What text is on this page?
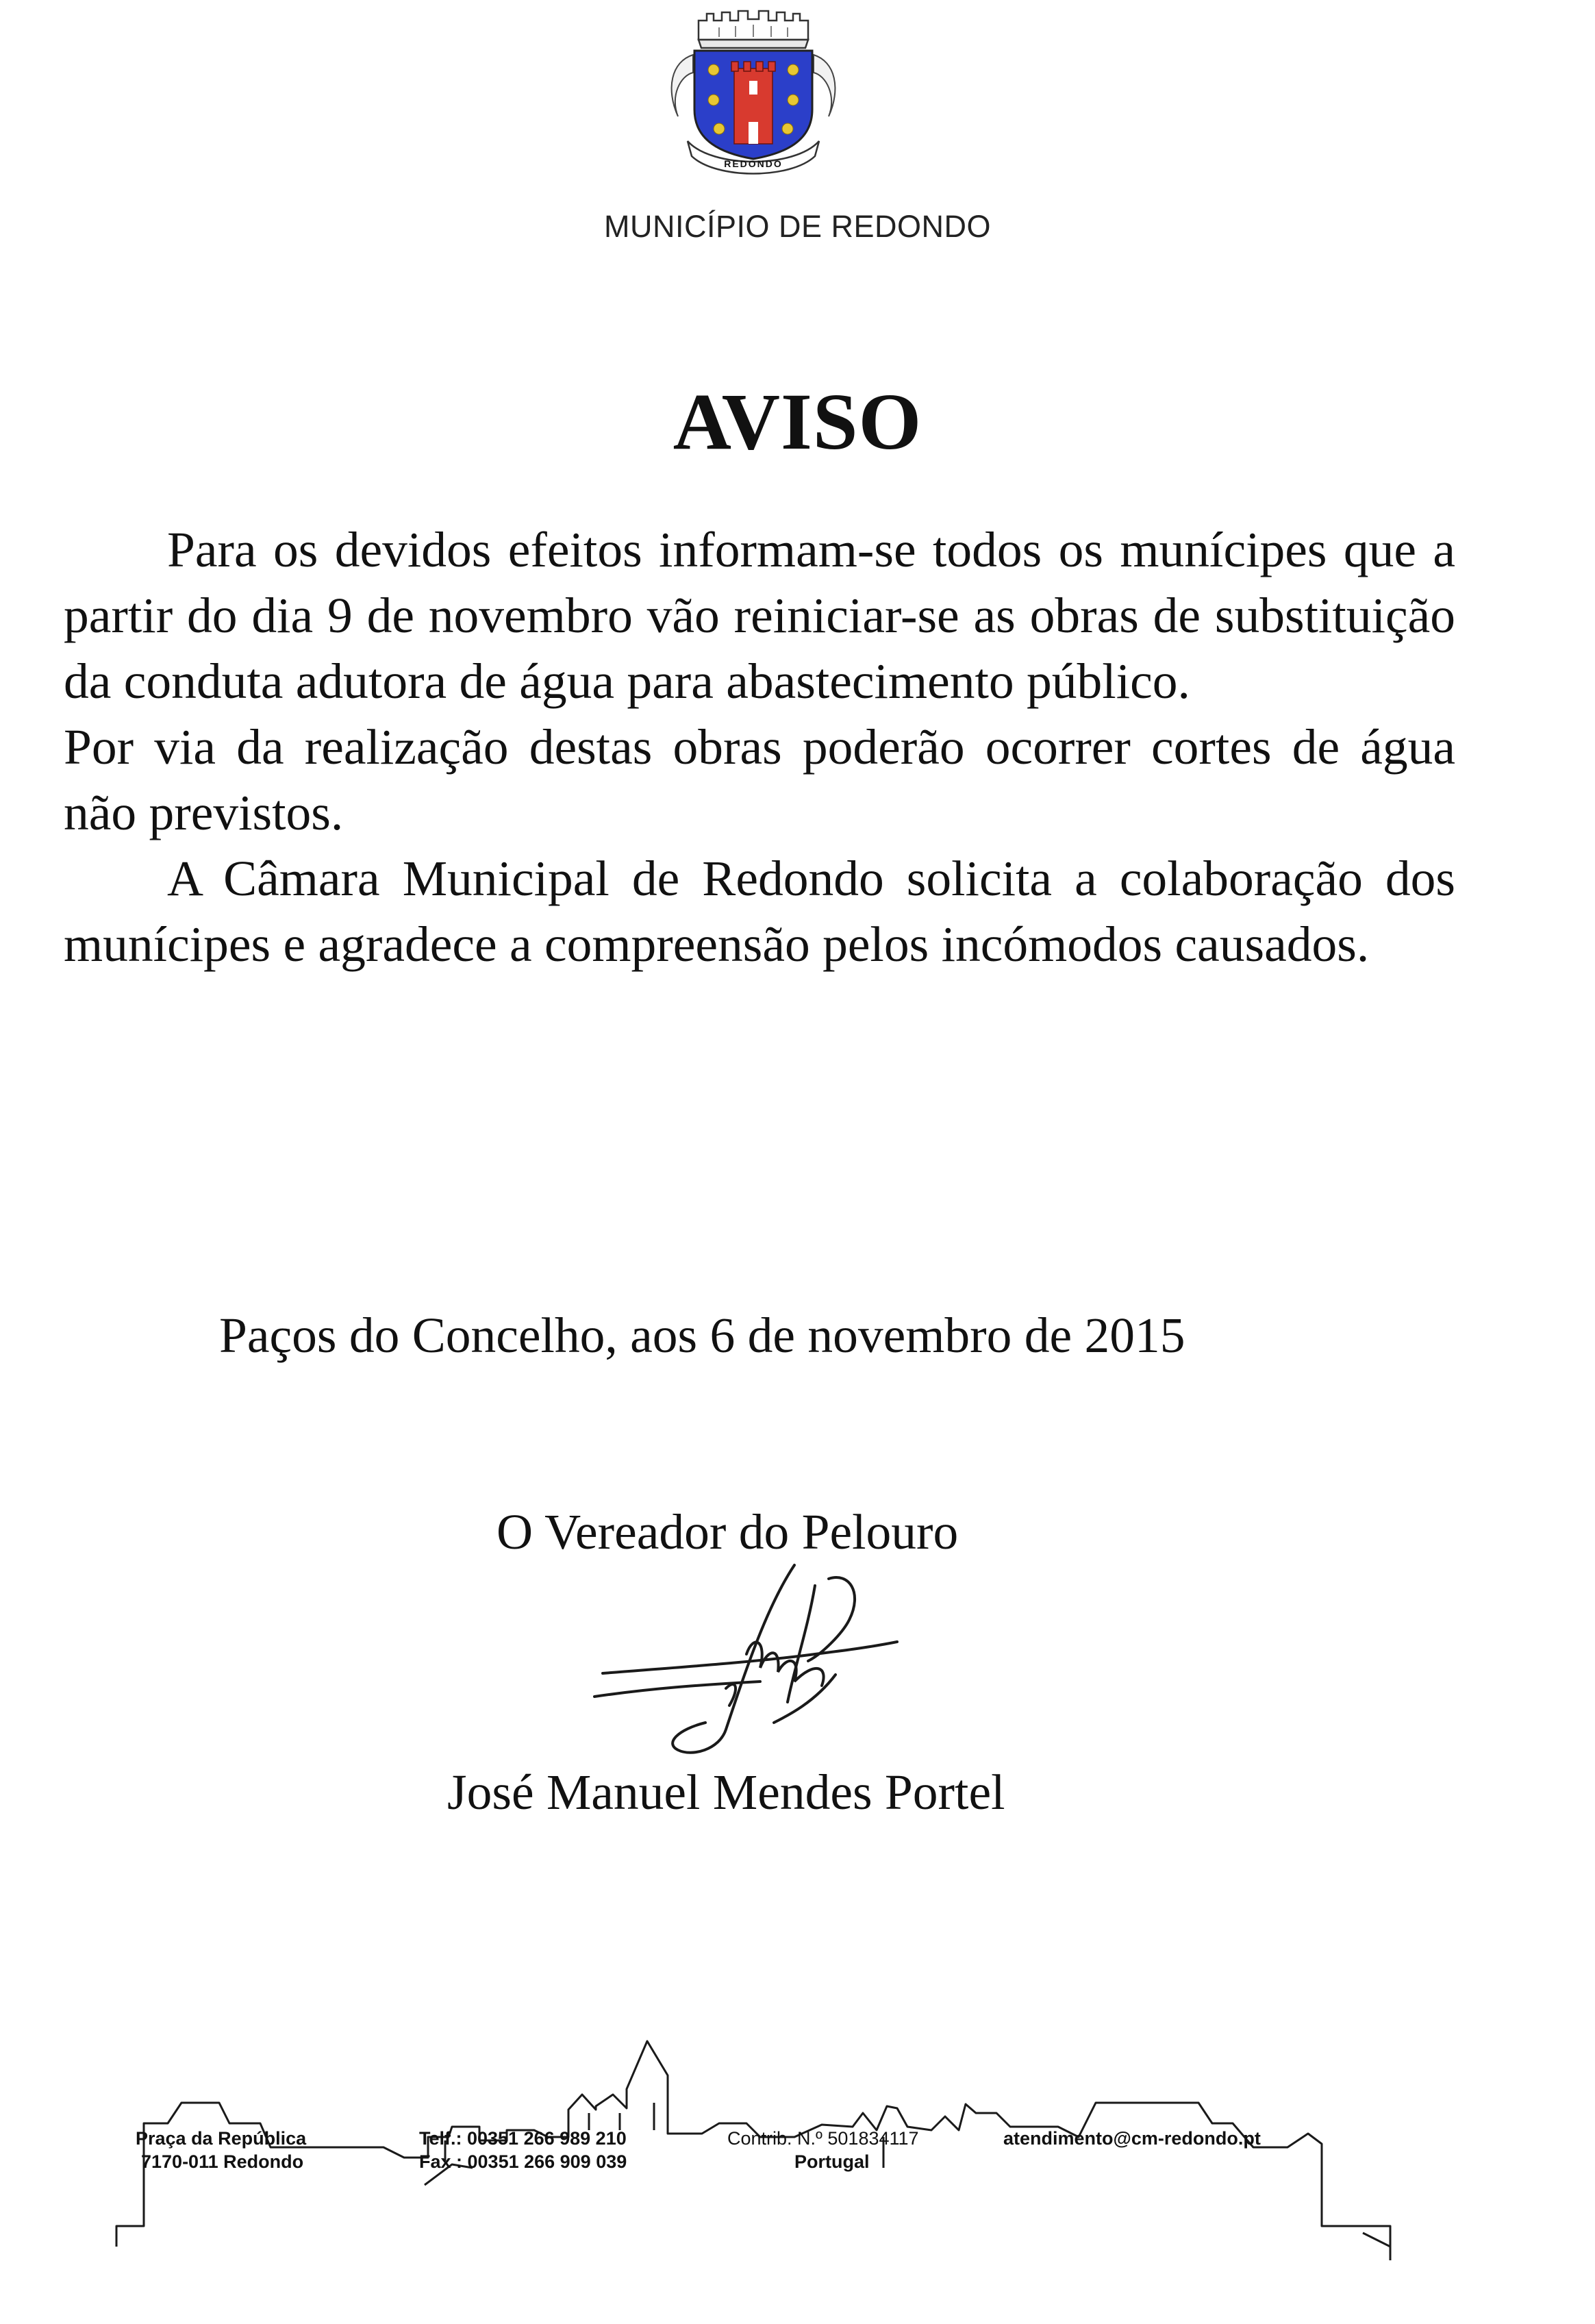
REDONDO
MUNICÍPIO DE REDONDO
AVISO

Para os devidos efeitos informam-se todos os munícipes que a partir do dia 9 de novembro vão reiniciar-se as obras de substituição da conduta adutora de água para abastecimento público.

Por via da realização destas obras poderão ocorrer cortes de água não previstos.

A Câmara Municipal de Redondo solicita a colaboração dos munícipes e agradece a compreensão pelos incómodos causados.

Paços do Concelho, aos 6 de novembro de 2015
O Vereador do Pelouro
José Manuel Mendes Portel
Praça da República
7170-011 Redondo
Telf.: 00351 266 989 210
Fax : 00351 266 909 039
Contrib. N.º 501834117
Portugal
atendimento@cm-redondo.pt
